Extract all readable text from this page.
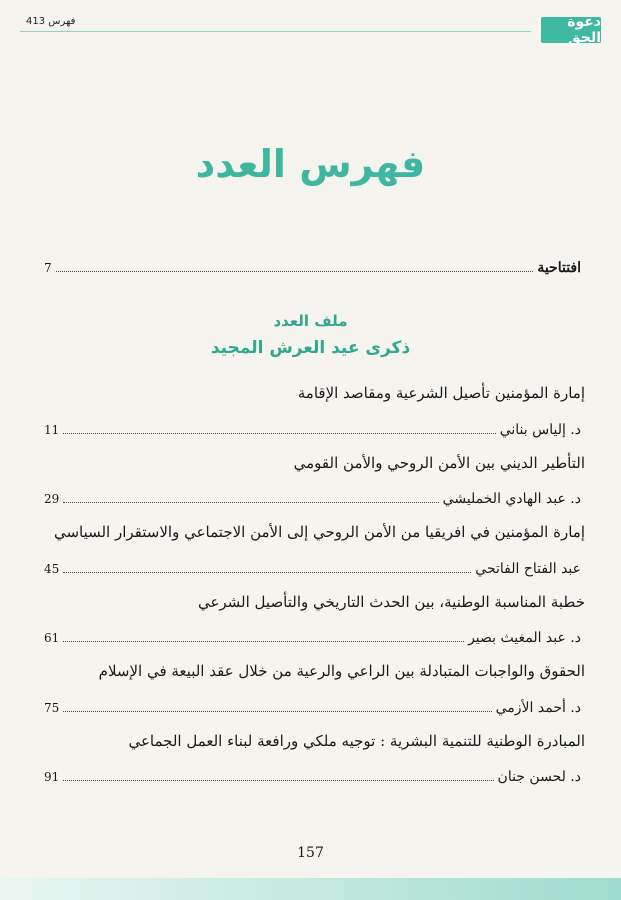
دعوة الحق
فهرس 413
فهرس العدد
افتتاحية
7
ملف العدد
ذكرى عيد العرش المجيد
إمارة المؤمنين تأصيل الشرعية ومقاصد الإقامة
د. إلياس بناني
11
التأطير الديني بين الأمن الروحي والأمن القومي
د. عبد الهادي الخمليشي
29
إمارة المؤمنين في افريقيا من الأمن الروحي إلى الأمن الاجتماعي والاستقرار السياسي
عبد الفتاح الفاتحي
45
خطبة المناسبة الوطنية، بين الحدث التاريخي والتأصيل الشرعي
د. عبد المغيث بصير
61
الحقوق والواجبات المتبادلة بين الراعي والرعية من خلال عقد البيعة في الإسلام
د. أحمد الأزمي
75
المبادرة الوطنية للتنمية البشرية : توجيه ملكي ورافعة لبناء العمل الجماعي
د. لحسن جنان
91
157
